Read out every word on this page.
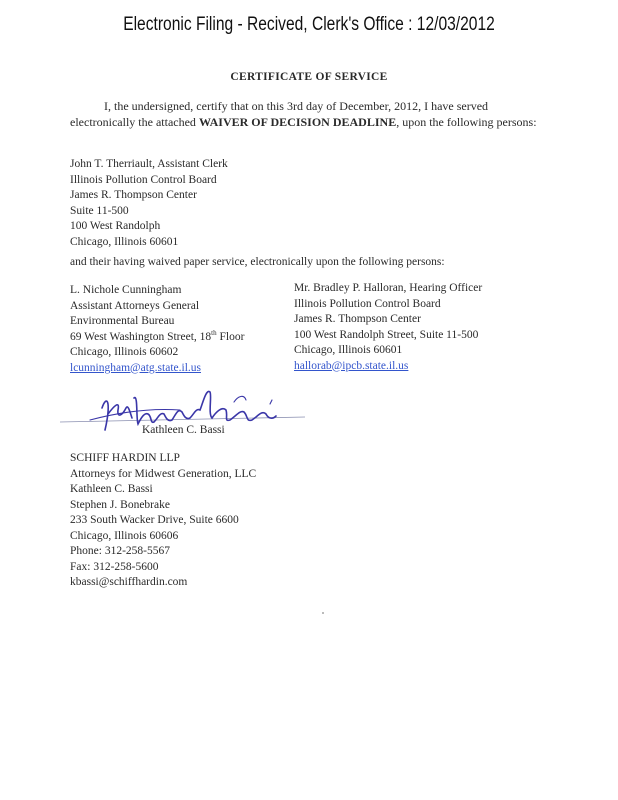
Electronic Filing - Recived, Clerk's Office : 12/03/2012
CERTIFICATE OF SERVICE

I, the undersigned, certify that on this 3rd day of December, 2012, I have served electronically the attached WAIVER OF DECISION DEADLINE, upon the following persons:

John T. Therriault, Assistant Clerk
Illinois Pollution Control Board
James R. Thompson Center
Suite 11-500
100 West Randolph
Chicago, Illinois 60601
and their having waived paper service, electronically upon the following persons:
L. Nichole Cunningham
Assistant Attorneys General
Environmental Bureau
69 West Washington Street, 18th Floor
Chicago, Illinois 60602
lcunningham@atg.state.il.us
Mr. Bradley P. Halloran, Hearing Officer
Illinois Pollution Control Board
James R. Thompson Center
100 West Randolph Street, Suite 11-500
Chicago, Illinois 60601
hallorab@ipcb.state.il.us
Kathleen C. Bassi
SCHIFF HARDIN LLP
Attorneys for Midwest Generation, LLC
Kathleen C. Bassi
Stephen J. Bonebrake
233 South Wacker Drive, Suite 6600
Chicago, Illinois 60606
Phone: 312-258-5567
Fax: 312-258-5600
kbassi@schiffhardin.com
